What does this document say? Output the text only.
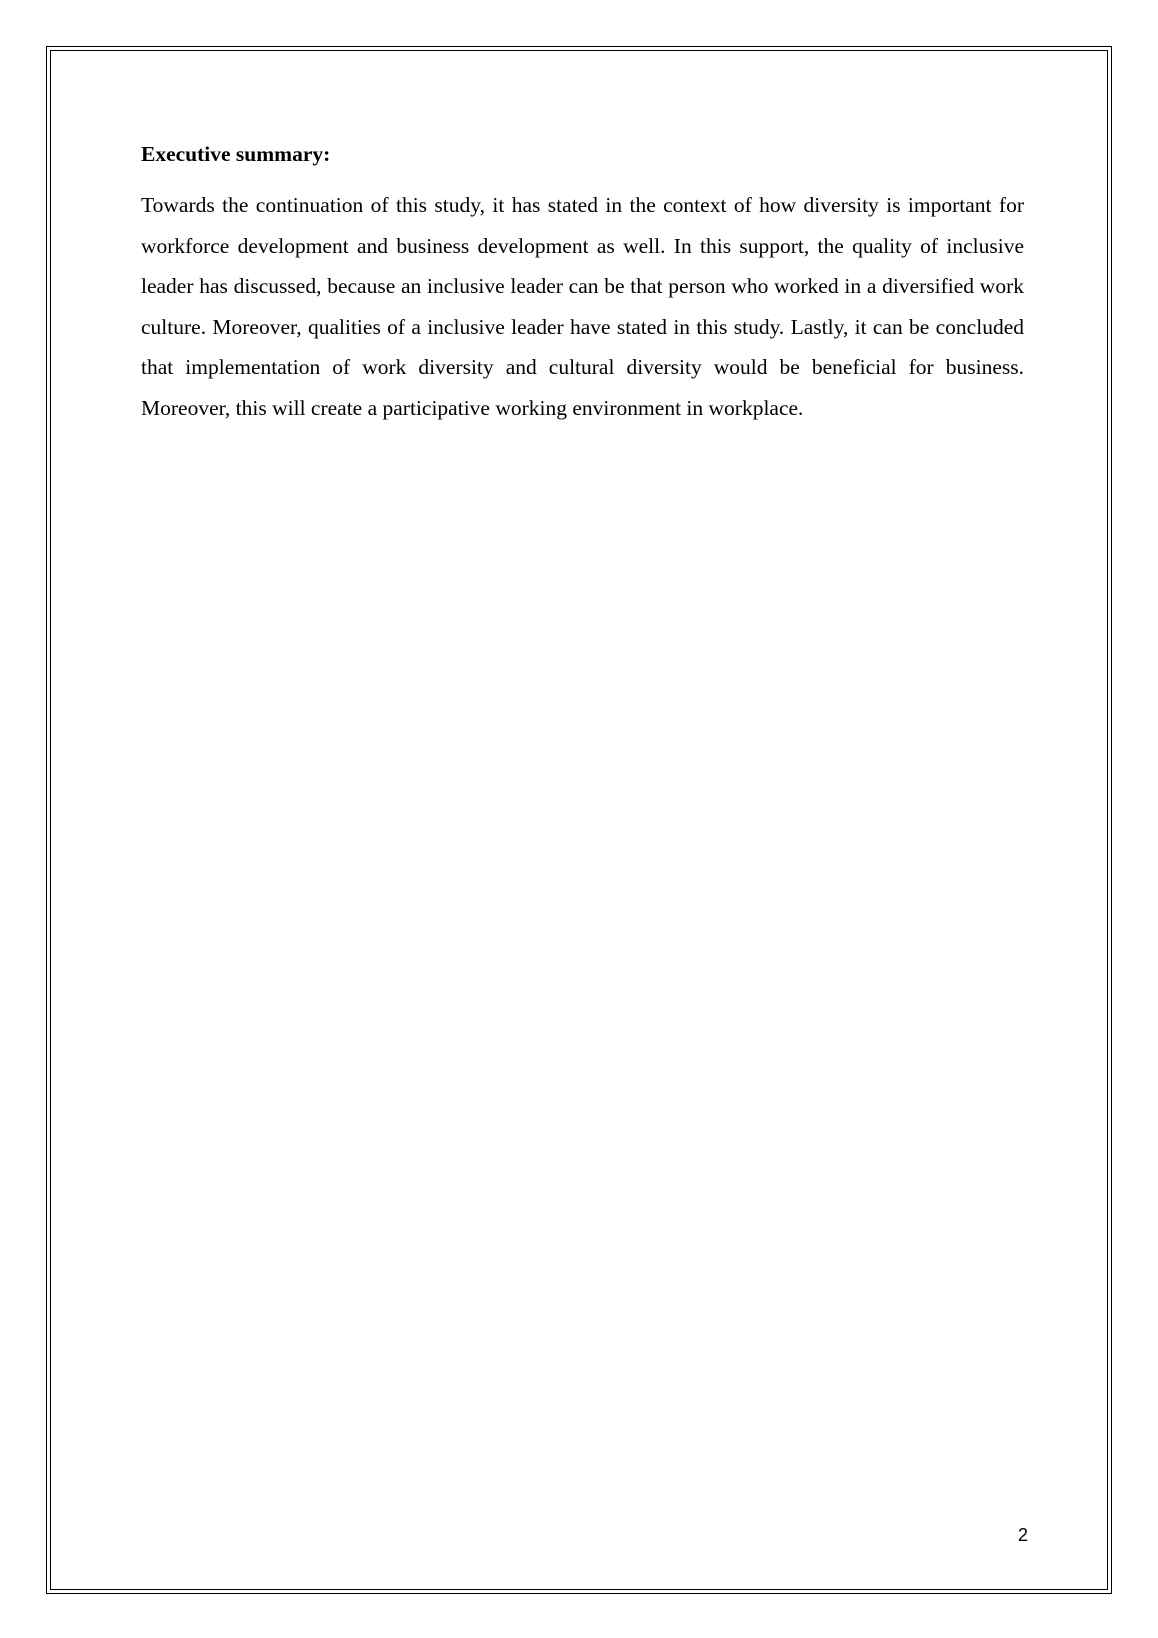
Executive summary:

Towards the continuation of this study, it has stated in the context of how diversity is important for workforce development and business development as well. In this support, the quality of inclusive leader has discussed, because an inclusive leader can be that person who worked in a diversified work culture. Moreover, qualities of a inclusive leader have stated in this study. Lastly, it can be concluded that implementation of work diversity and cultural diversity would be beneficial for business. Moreover, this will create a participative working environment in workplace.

2
